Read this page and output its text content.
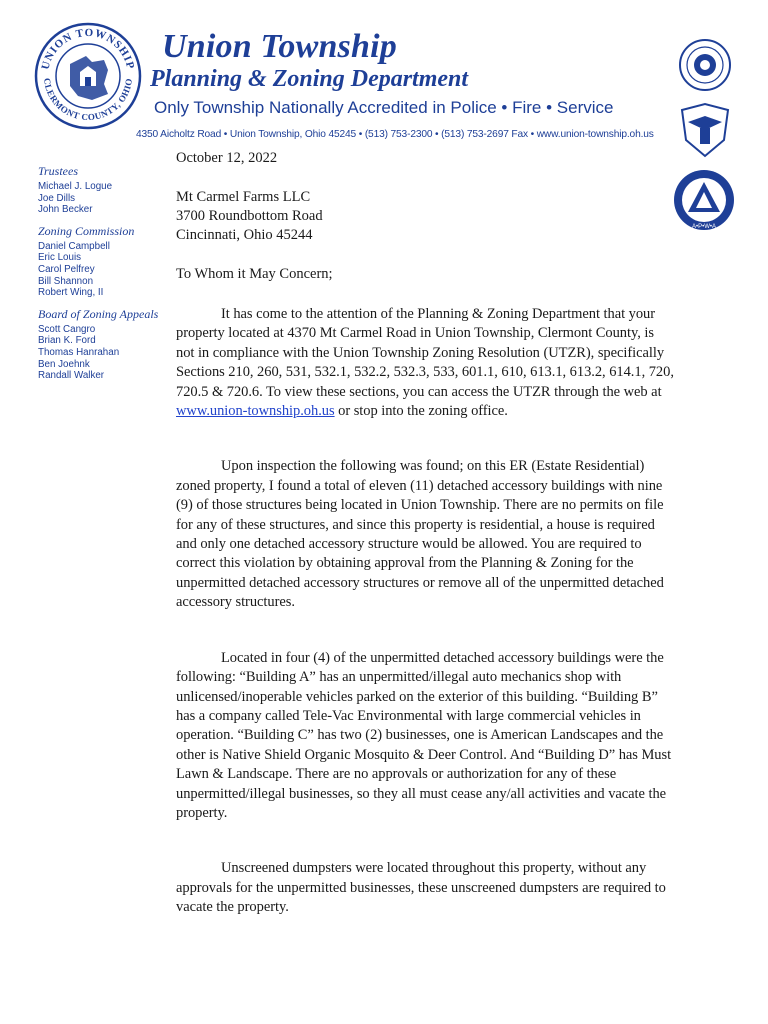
UNION TOWNSHIP
CLERMONT COUNTY, OHIO
Union Township
Planning & Zoning Department
Only Township Nationally Accredited in Police • Fire • Service
4350 Aicholtz Road • Union Township, Ohio 45245 • (513) 753-2300 • (513) 753-2697 Fax • www.union-township.oh.us
A•P•W•A
Trustees
Michael J. Logue
Joe Dills
John Becker
Zoning Commission
Daniel Campbell
Eric Louis
Carol Pelfrey
Bill Shannon
Robert Wing, II
Board of Zoning Appeals
Scott Cangro
Brian K. Ford
Thomas Hanrahan
Ben Joehnk
Randall Walker
October 12, 2022
Mt Carmel Farms LLC
3700 Roundbottom Road
Cincinnati, Ohio 45244
To Whom it May Concern;

It has come to the attention of the Planning & Zoning Department that your property located at 4370 Mt Carmel Road in Union Township, Clermont County, is not in compliance with the Union Township Zoning Resolution (UTZR), specifically Sections 210, 260, 531, 532.1, 532.2, 532.3, 533, 601.1, 610, 613.1, 613.2, 614.1, 720, 720.5 & 720.6. To view these sections, you can access the UTZR through the web at www.union-township.oh.us or stop into the zoning office.

Upon inspection the following was found; on this ER (Estate Residential) zoned property, I found a total of eleven (11) detached accessory buildings with nine (9) of those structures being located in Union Township. There are no permits on file for any of these structures, and since this property is residential, a house is required and only one detached accessory structure would be allowed. You are required to correct this violation by obtaining approval from the Planning & Zoning for the unpermitted detached accessory structures or remove all of the unpermitted detached accessory structures.

Located in four (4) of the unpermitted detached accessory buildings were the following: “Building A” has an unpermitted/illegal auto mechanics shop with unlicensed/inoperable vehicles parked on the exterior of this building. “Building B” has a company called Tele-Vac Environmental with large commercial vehicles in operation. “Building C” has two (2) businesses, one is American Landscapes and the other is Native Shield Organic Mosquito & Deer Control. And “Building D” has Must Lawn & Landscape. There are no approvals or authorization for any of these unpermitted/illegal businesses, so they all must cease any/all activities and vacate the property.

Unscreened dumpsters were located throughout this property, without any approvals for the unpermitted businesses, these unscreened dumpsters are required to vacate the property.
